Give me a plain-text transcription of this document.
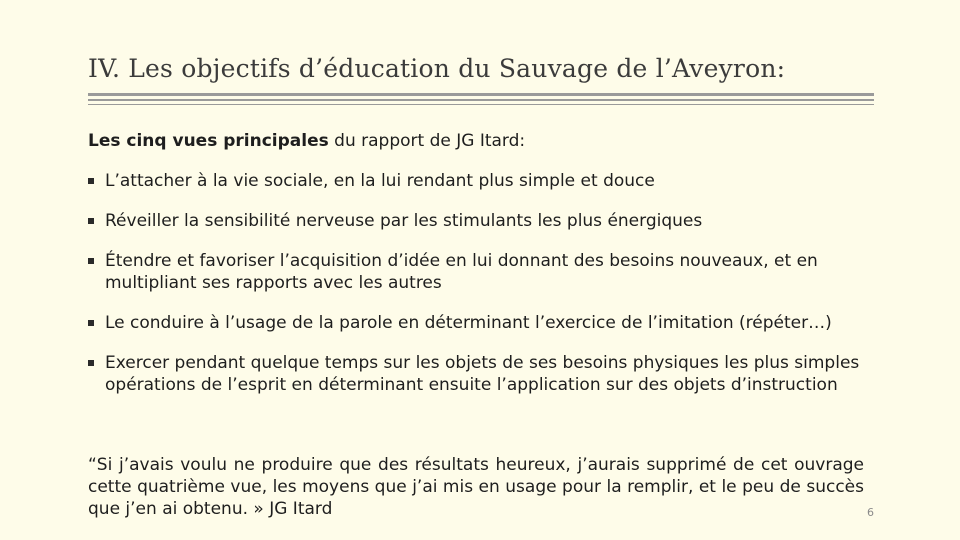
IV. Les objectifs d’éducation du Sauvage de l’Aveyron:
Les cinq vues principales du rapport de JG Itard:
L’attacher à la vie sociale, en la lui rendant plus simple et douce
Réveiller la sensibilité nerveuse par les stimulants les plus énergiques
Étendre et favoriser l’acquisition d’idée en lui donnant des besoins nouveaux, et en multipliant ses rapports avec les autres
Le conduire à l’usage de la parole en déterminant l’exercice de l’imitation (répéter…)
Exercer pendant quelque temps sur les objets de ses besoins physiques les plus simples opérations de l’esprit en déterminant ensuite l’application sur des objets d’instruction
“Si j’avais voulu ne produire que des résultats heureux, j’aurais supprimé de cet ouvrage cette quatrième vue, les moyens que j’ai mis en usage pour la remplir, et le peu de succès que j’en ai obtenu. » JG Itard	6
